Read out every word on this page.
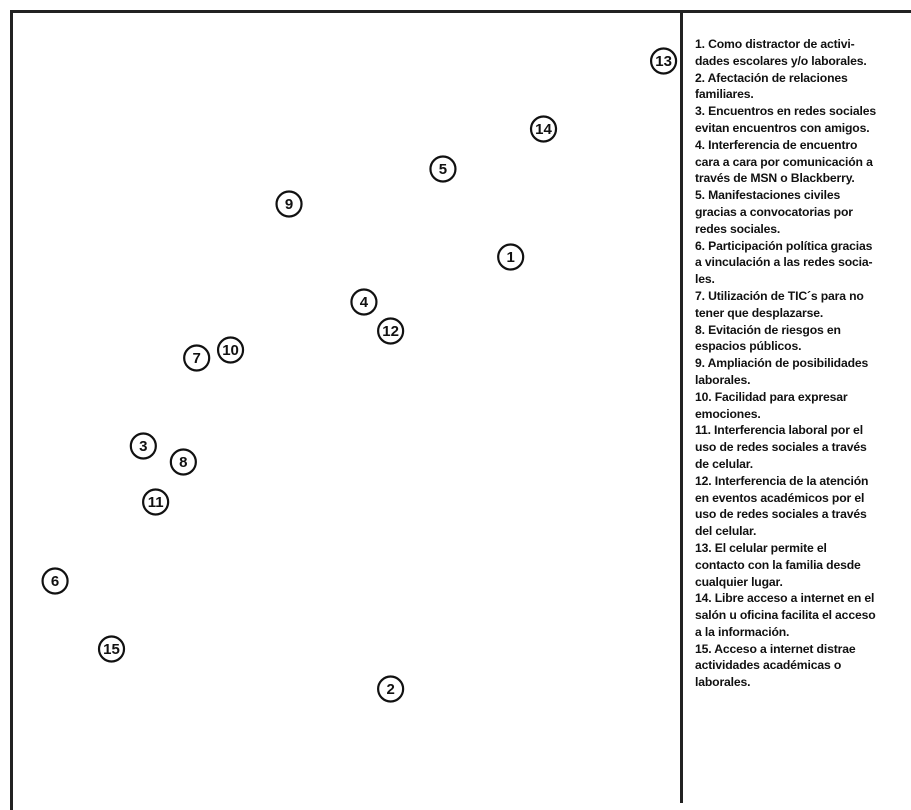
1
2
3
4
5
6
7
8
9
10
11
12
13
14
15
1. Como distractor de activi-
dades escolares y/o laborales.
2. Afectación de relaciones
familiares.
3. Encuentros en redes sociales
evitan encuentros con amigos.
4. Interferencia de encuentro
cara a cara por comunicación a
través de MSN o Blackberry.
5. Manifestaciones civiles
gracias a convocatorias por
redes sociales.
6. Participación política gracias
a vinculación a las redes socia-
les.
7. Utilización de TIC´s para no
tener que desplazarse.
8. Evitación de riesgos en
espacios públicos.
9. Ampliación de posibilidades
laborales.
10. Facilidad para expresar
emociones.
11. Interferencia laboral por el
uso de redes sociales a través
de celular.
12. Interferencia de la atención
en eventos académicos por el
uso de redes sociales a través
del celular.
13. El celular permite el
contacto con la familia desde
cualquier lugar.
14. Libre acceso a internet en el
salón u oficina facilita el acceso
a la información.
15. Acceso a internet distrae
actividades académicas o
laborales.
